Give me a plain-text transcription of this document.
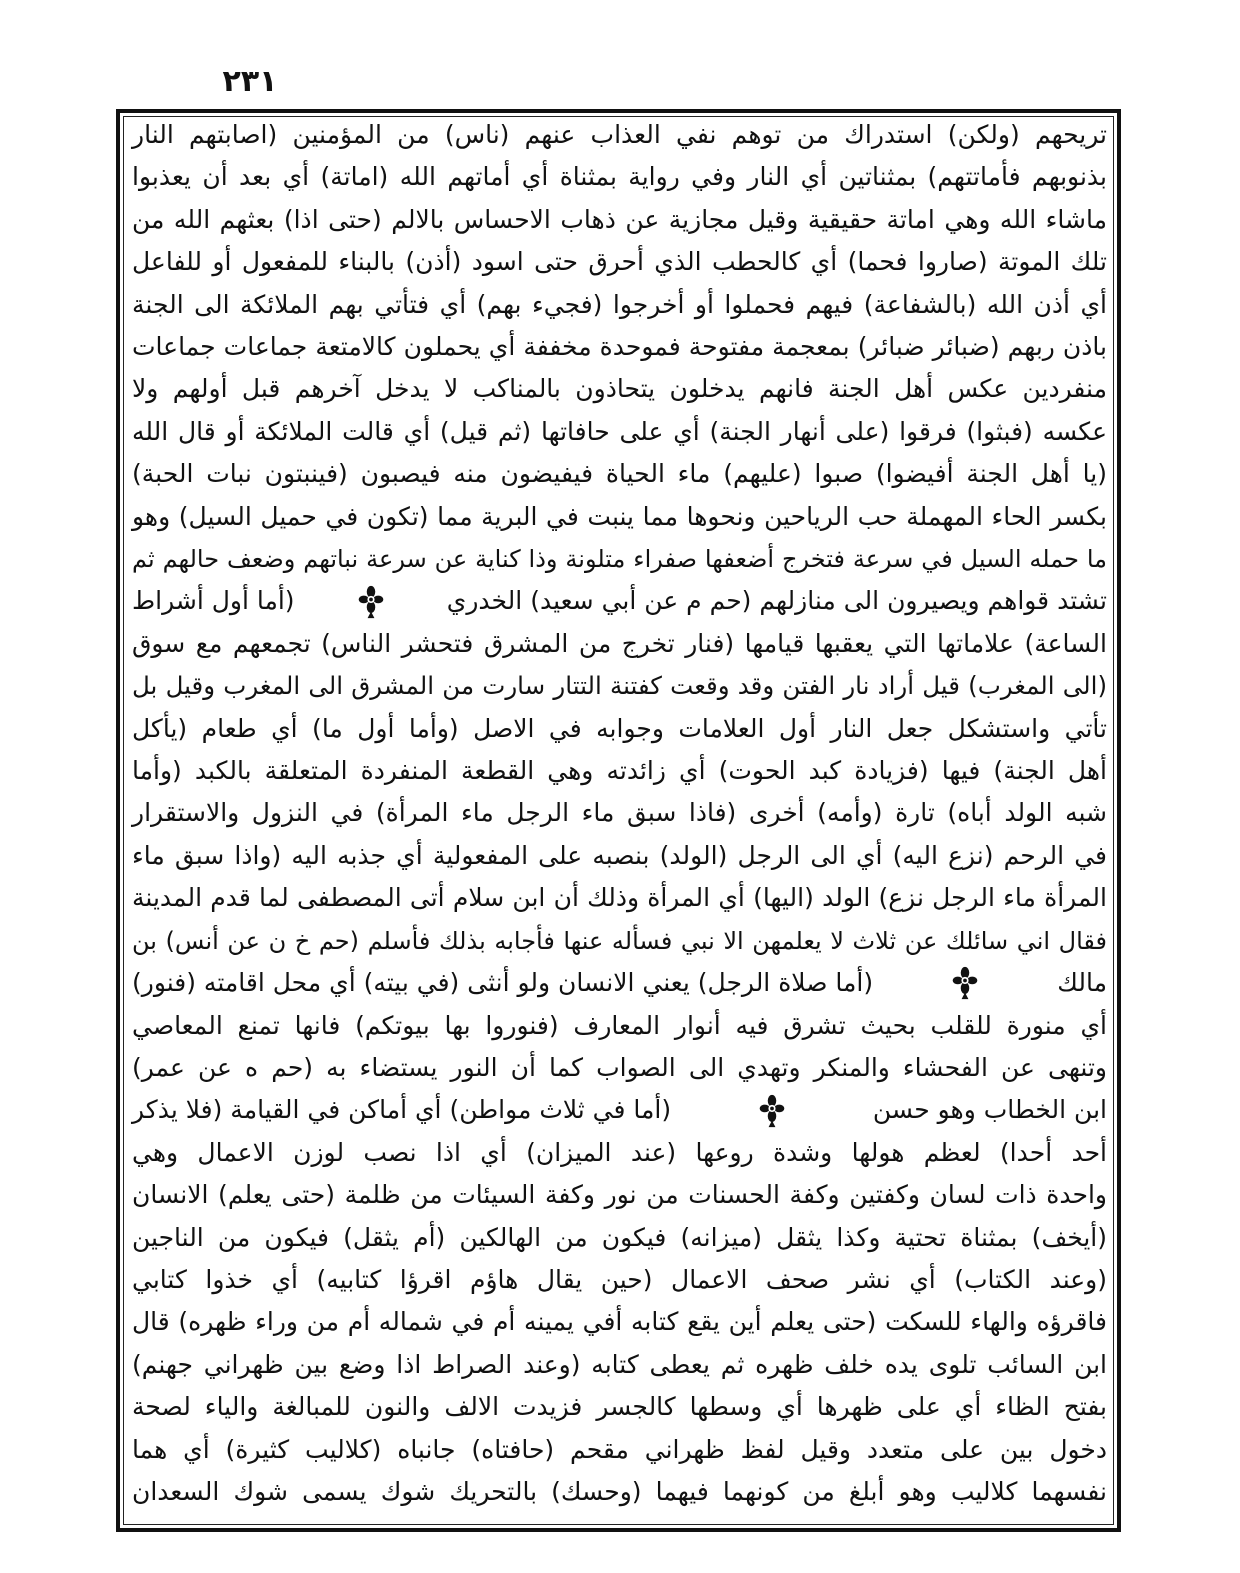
٢٣١
تريحهم (ولكن) استدراك من توهم نفي العذاب عنهم (ناس) من المؤمنين (اصابتهم النار
بذنوبهم فأماتتهم) بمثناتين أي النار وفي رواية بمثناة أي أماتهم الله (اماتة) أي بعد أن يعذبوا
ماشاء الله وهي اماتة حقيقية وقيل مجازية عن ذهاب الاحساس بالالم (حتى اذا) بعثهم الله من
تلك الموتة (صاروا فحما) أي كالحطب الذي أحرق حتى اسود (أذن) بالبناء للمفعول أو للفاعل
أي أذن الله (بالشفاعة) فيهم فحملوا أو أخرجوا (فجيء بهم) أي فتأتي بهم الملائكة الى الجنة
باذن ربهم (ضبائر ضبائر) بمعجمة مفتوحة فموحدة مخففة أي يحملون كالامتعة جماعات جماعات
منفردين عكس أهل الجنة فانهم يدخلون يتحاذون بالمناكب لا يدخل آخرهم قبل أولهم ولا
عكسه (فبثوا) فرقوا (على أنهار الجنة) أي على حافاتها (ثم قيل) أي قالت الملائكة أو قال الله
(يا أهل الجنة أفيضوا) صبوا (عليهم) ماء الحياة فيفيضون منه فيصبون (فينبتون نبات الحبة)
بكسر الحاء المهملة حب الرياحين ونحوها مما ينبت في البرية مما (تكون في حميل السيل) وهو
ما حمله السيل في سرعة فتخرج أضعفها صفراء متلونة وذا كناية عن سرعة نباتهم وضعف حالهم ثم
تشتد قواهم ويصيرون الى منازلهم (حم م عن أبي سعيد) الخدري
(أما أول أشراط
الساعة) علاماتها التي يعقبها قيامها (فنار تخرج من المشرق فتحشر الناس) تجمعهم مع سوق
(الى المغرب) قيل أراد نار الفتن وقد وقعت كفتنة التتار سارت من المشرق الى المغرب وقيل بل
تأتي واستشكل جعل النار أول العلامات وجوابه في الاصل (وأما أول ما) أي طعام (يأكل
أهل الجنة) فيها (فزيادة كبد الحوت) أي زائدته وهي القطعة المنفردة المتعلقة بالكبد (وأما
شبه الولد أباه) تارة (وأمه) أخرى (فاذا سبق ماء الرجل ماء المرأة) في النزول والاستقرار
في الرحم (نزع اليه) أي الى الرجل (الولد) بنصبه على المفعولية أي جذبه اليه (واذا سبق ماء
المرأة ماء الرجل نزع) الولد (اليها) أي المرأة وذلك أن ابن سلام أتى المصطفى لما قدم المدينة
فقال اني سائلك عن ثلاث لا يعلمهن الا نبي فسأله عنها فأجابه بذلك فأسلم (حم خ ن عن أنس) بن
مالك
(أما صلاة الرجل) يعني الانسان ولو أنثى (في بيته) أي محل اقامته (فنور)
أي منورة للقلب بحيث تشرق فيه أنوار المعارف (فنوروا بها بيوتكم) فانها تمنع المعاصي
وتنهى عن الفحشاء والمنكر وتهدي الى الصواب كما أن النور يستضاء به (حم ه عن عمر)
ابن الخطاب وهو حسن
(أما في ثلاث مواطن) أي أماكن في القيامة (فلا يذكر
أحد أحدا) لعظم هولها وشدة روعها (عند الميزان) أي اذا نصب لوزن الاعمال وهي
واحدة ذات لسان وكفتين وكفة الحسنات من نور وكفة السيئات من ظلمة (حتى يعلم) الانسان
(أيخف) بمثناة تحتية وكذا يثقل (ميزانه) فيكون من الهالكين (أم يثقل) فيكون من الناجين
(وعند الكتاب) أي نشر صحف الاعمال (حين يقال هاؤم اقرؤا كتابيه) أي خذوا كتابي
فاقرؤه والهاء للسكت (حتى يعلم أين يقع كتابه أفي يمينه أم في شماله أم من وراء ظهره) قال
ابن السائب تلوى يده خلف ظهره ثم يعطى كتابه (وعند الصراط اذا وضع بين ظهراني جهنم)
بفتح الظاء أي على ظهرها أي وسطها كالجسر فزيدت الالف والنون للمبالغة والياء لصحة
دخول بين على متعدد وقيل لفظ ظهراني مقحم (حافتاه) جانباه (كلاليب كثيرة) أي هما
نفسهما كلاليب وهو أبلغ من كونهما فيهما (وحسك) بالتحريك شوك يسمى شوك السعدان
